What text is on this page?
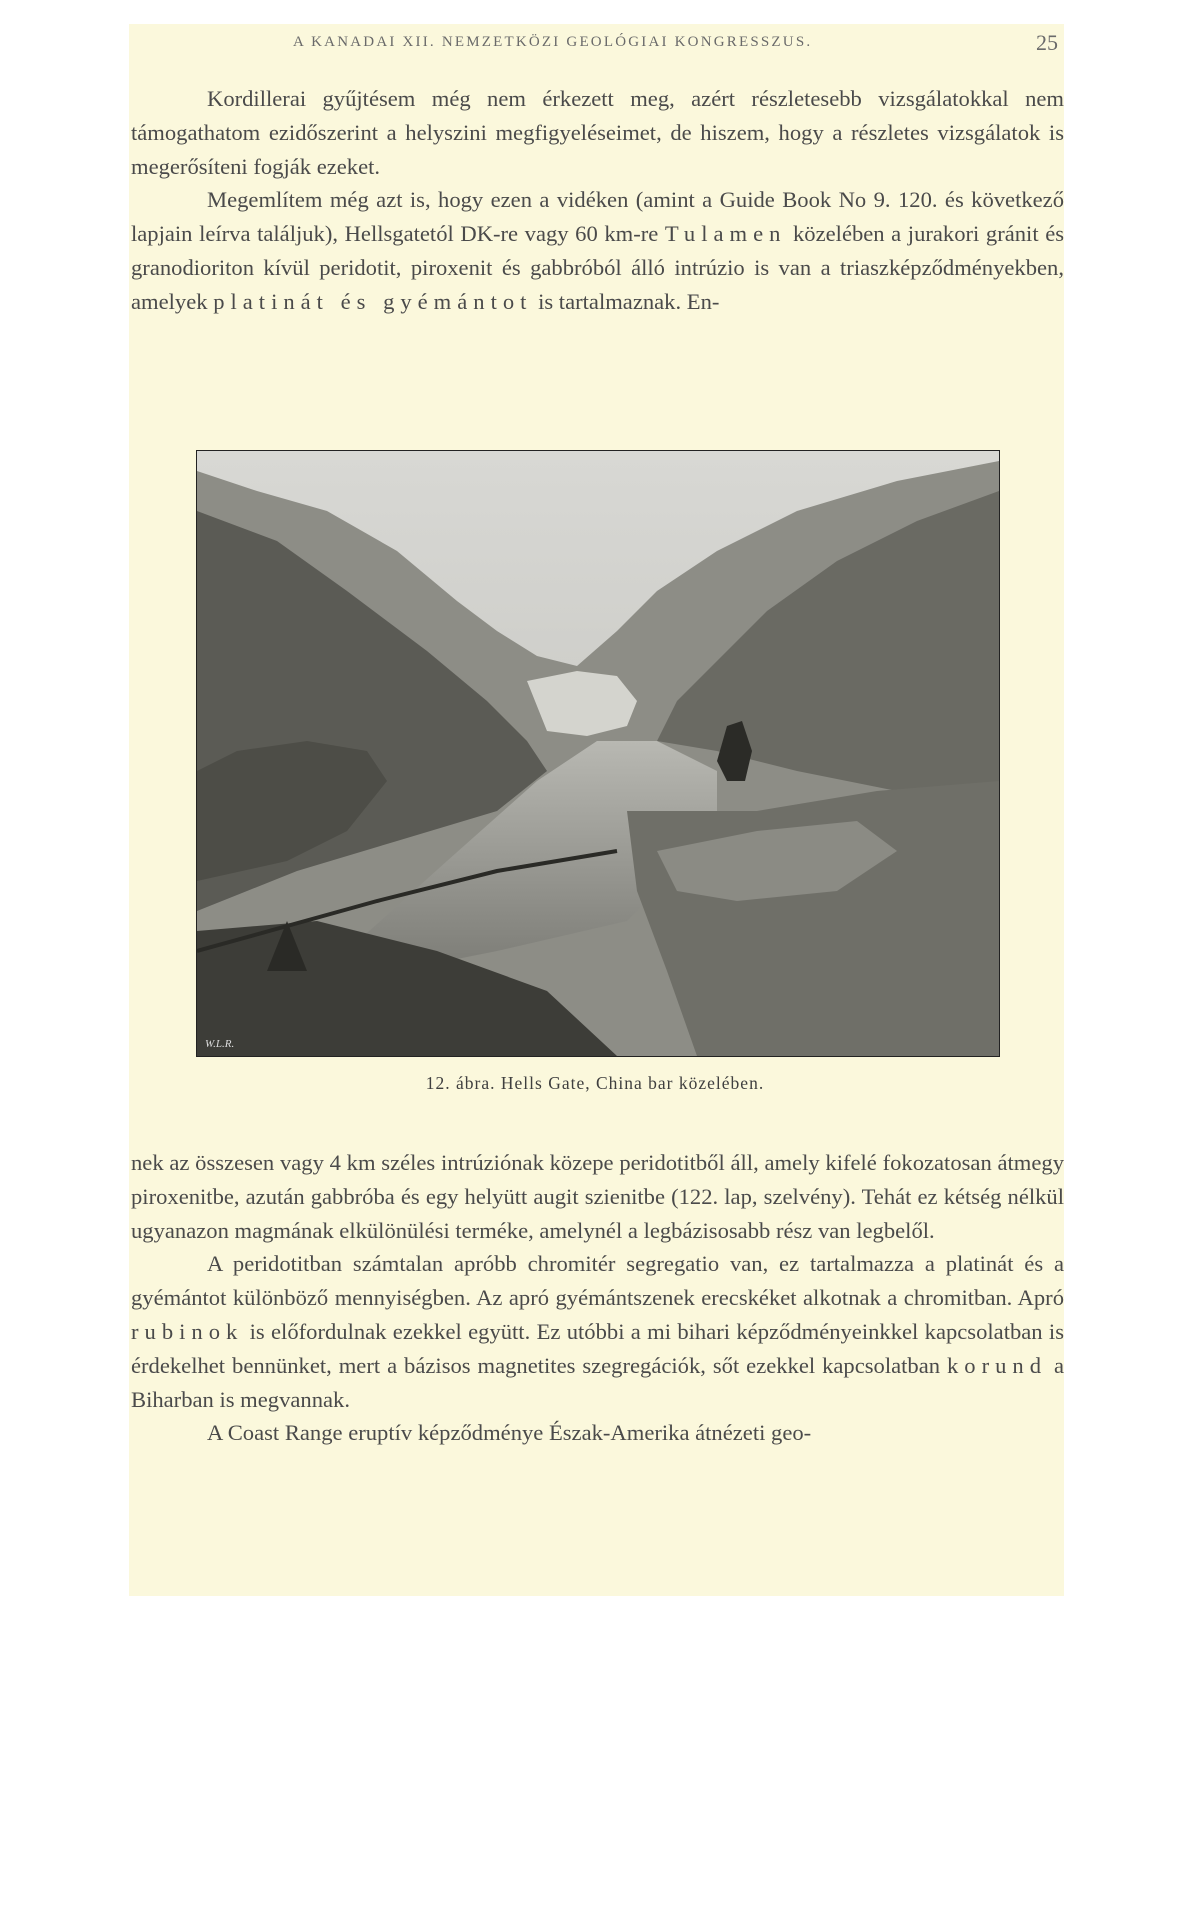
A KANADAI XII. NEMZETKÖZI GEOLÓGIAI KONGRESSZUS.	25

Kordillerai gyűjtésem még nem érkezett meg, azért részletesebb vizsgálatokkal nem támogathatom ezidőszerint a helyszini megfigyeléseimet, de hiszem, hogy a részletes vizsgálatok is megerősíteni fogják ezeket.

Megemlítem még azt is, hogy ezen a vidéken (amint a Guide Book No 9. 120. és következő lapjain leírva találjuk), Hellsgatetól DK-re vagy 60 km-re Tulamen közelében a jurakori gránit és granodioriton kívül peridotit, piroxenit és gabbróból álló intrúzio is van a triaszképződményekben, amelyek platinát és gyémántot is tartalmaznak. En-

W.L.R.
12. ábra. Hells Gate, China bar közelében.

nek az összesen vagy 4 km széles intrúziónak közepe peridotitből áll, amely kifelé fokozatosan átmegy piroxenitbe, azután gabbróba és egy helyütt augit szienitbe (122. lap, szelvény). Tehát ez kétség nélkül ugyanazon magmának elkülönülési terméke, amelynél a legbázisosabb rész van legbelől.

A peridotitban számtalan apróbb chromitér segregatio van, ez tartalmazza a platinát és a gyémántot különböző mennyiségben. Az apró gyémántszenek erecskéket alkotnak a chromitban. Apró rubinok is előfordulnak ezekkel együtt. Ez utóbbi a mi bihari képződményeinkkel kapcsolatban is érdekelhet bennünket, mert a bázisos magnetites szegregációk, sőt ezekkel kapcsolatban korund a Biharban is megvannak.

A Coast Range eruptív képződménye Észak-Amerika átnézeti geo-
